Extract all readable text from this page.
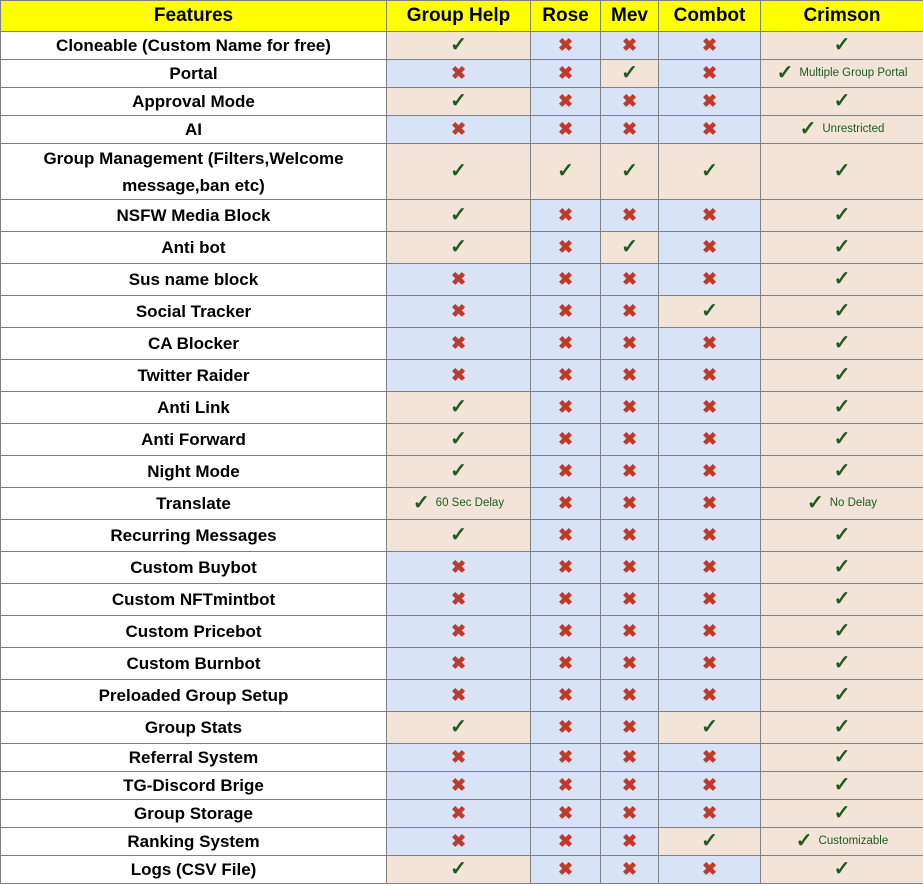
Features	Group Help	Rose	Mev	Combot	Crimson
Cloneable (Custom Name for free)	✓	✖	✖	✖	✓

Portal	✖	✖	✓	✖	✓ Multiple Group Portal

Approval Mode	✓	✖	✖	✖	✓

AI	✖	✖	✖	✖	✓ Unrestricted

Group Management (Filters,Welcome message,ban etc)	✓	✓	✓	✓	✓

NSFW Media Block	✓	✖	✖	✖	✓

Anti bot	✓	✖	✓	✖	✓

Sus name block	✖	✖	✖	✖	✓

Social Tracker	✖	✖	✖	✓	✓

CA Blocker	✖	✖	✖	✖	✓

Twitter Raider	✖	✖	✖	✖	✓

Anti Link	✓	✖	✖	✖	✓

Anti Forward	✓	✖	✖	✖	✓

Night Mode	✓	✖	✖	✖	✓

Translate	✓ 60 Sec Delay	✖	✖	✖	✓ No Delay

Recurring Messages	✓	✖	✖	✖	✓

Custom Buybot	✖	✖	✖	✖	✓

Custom NFTmintbot	✖	✖	✖	✖	✓

Custom Pricebot	✖	✖	✖	✖	✓

Custom Burnbot	✖	✖	✖	✖	✓

Preloaded Group Setup	✖	✖	✖	✖	✓

Group Stats	✓	✖	✖	✓	✓

Referral System	✖	✖	✖	✖	✓

TG-Discord Brige	✖	✖	✖	✖	✓

Group Storage	✖	✖	✖	✖	✓

Ranking System	✖	✖	✖	✓	✓ Customizable

Logs (CSV File)	✓	✖	✖	✖	✓
